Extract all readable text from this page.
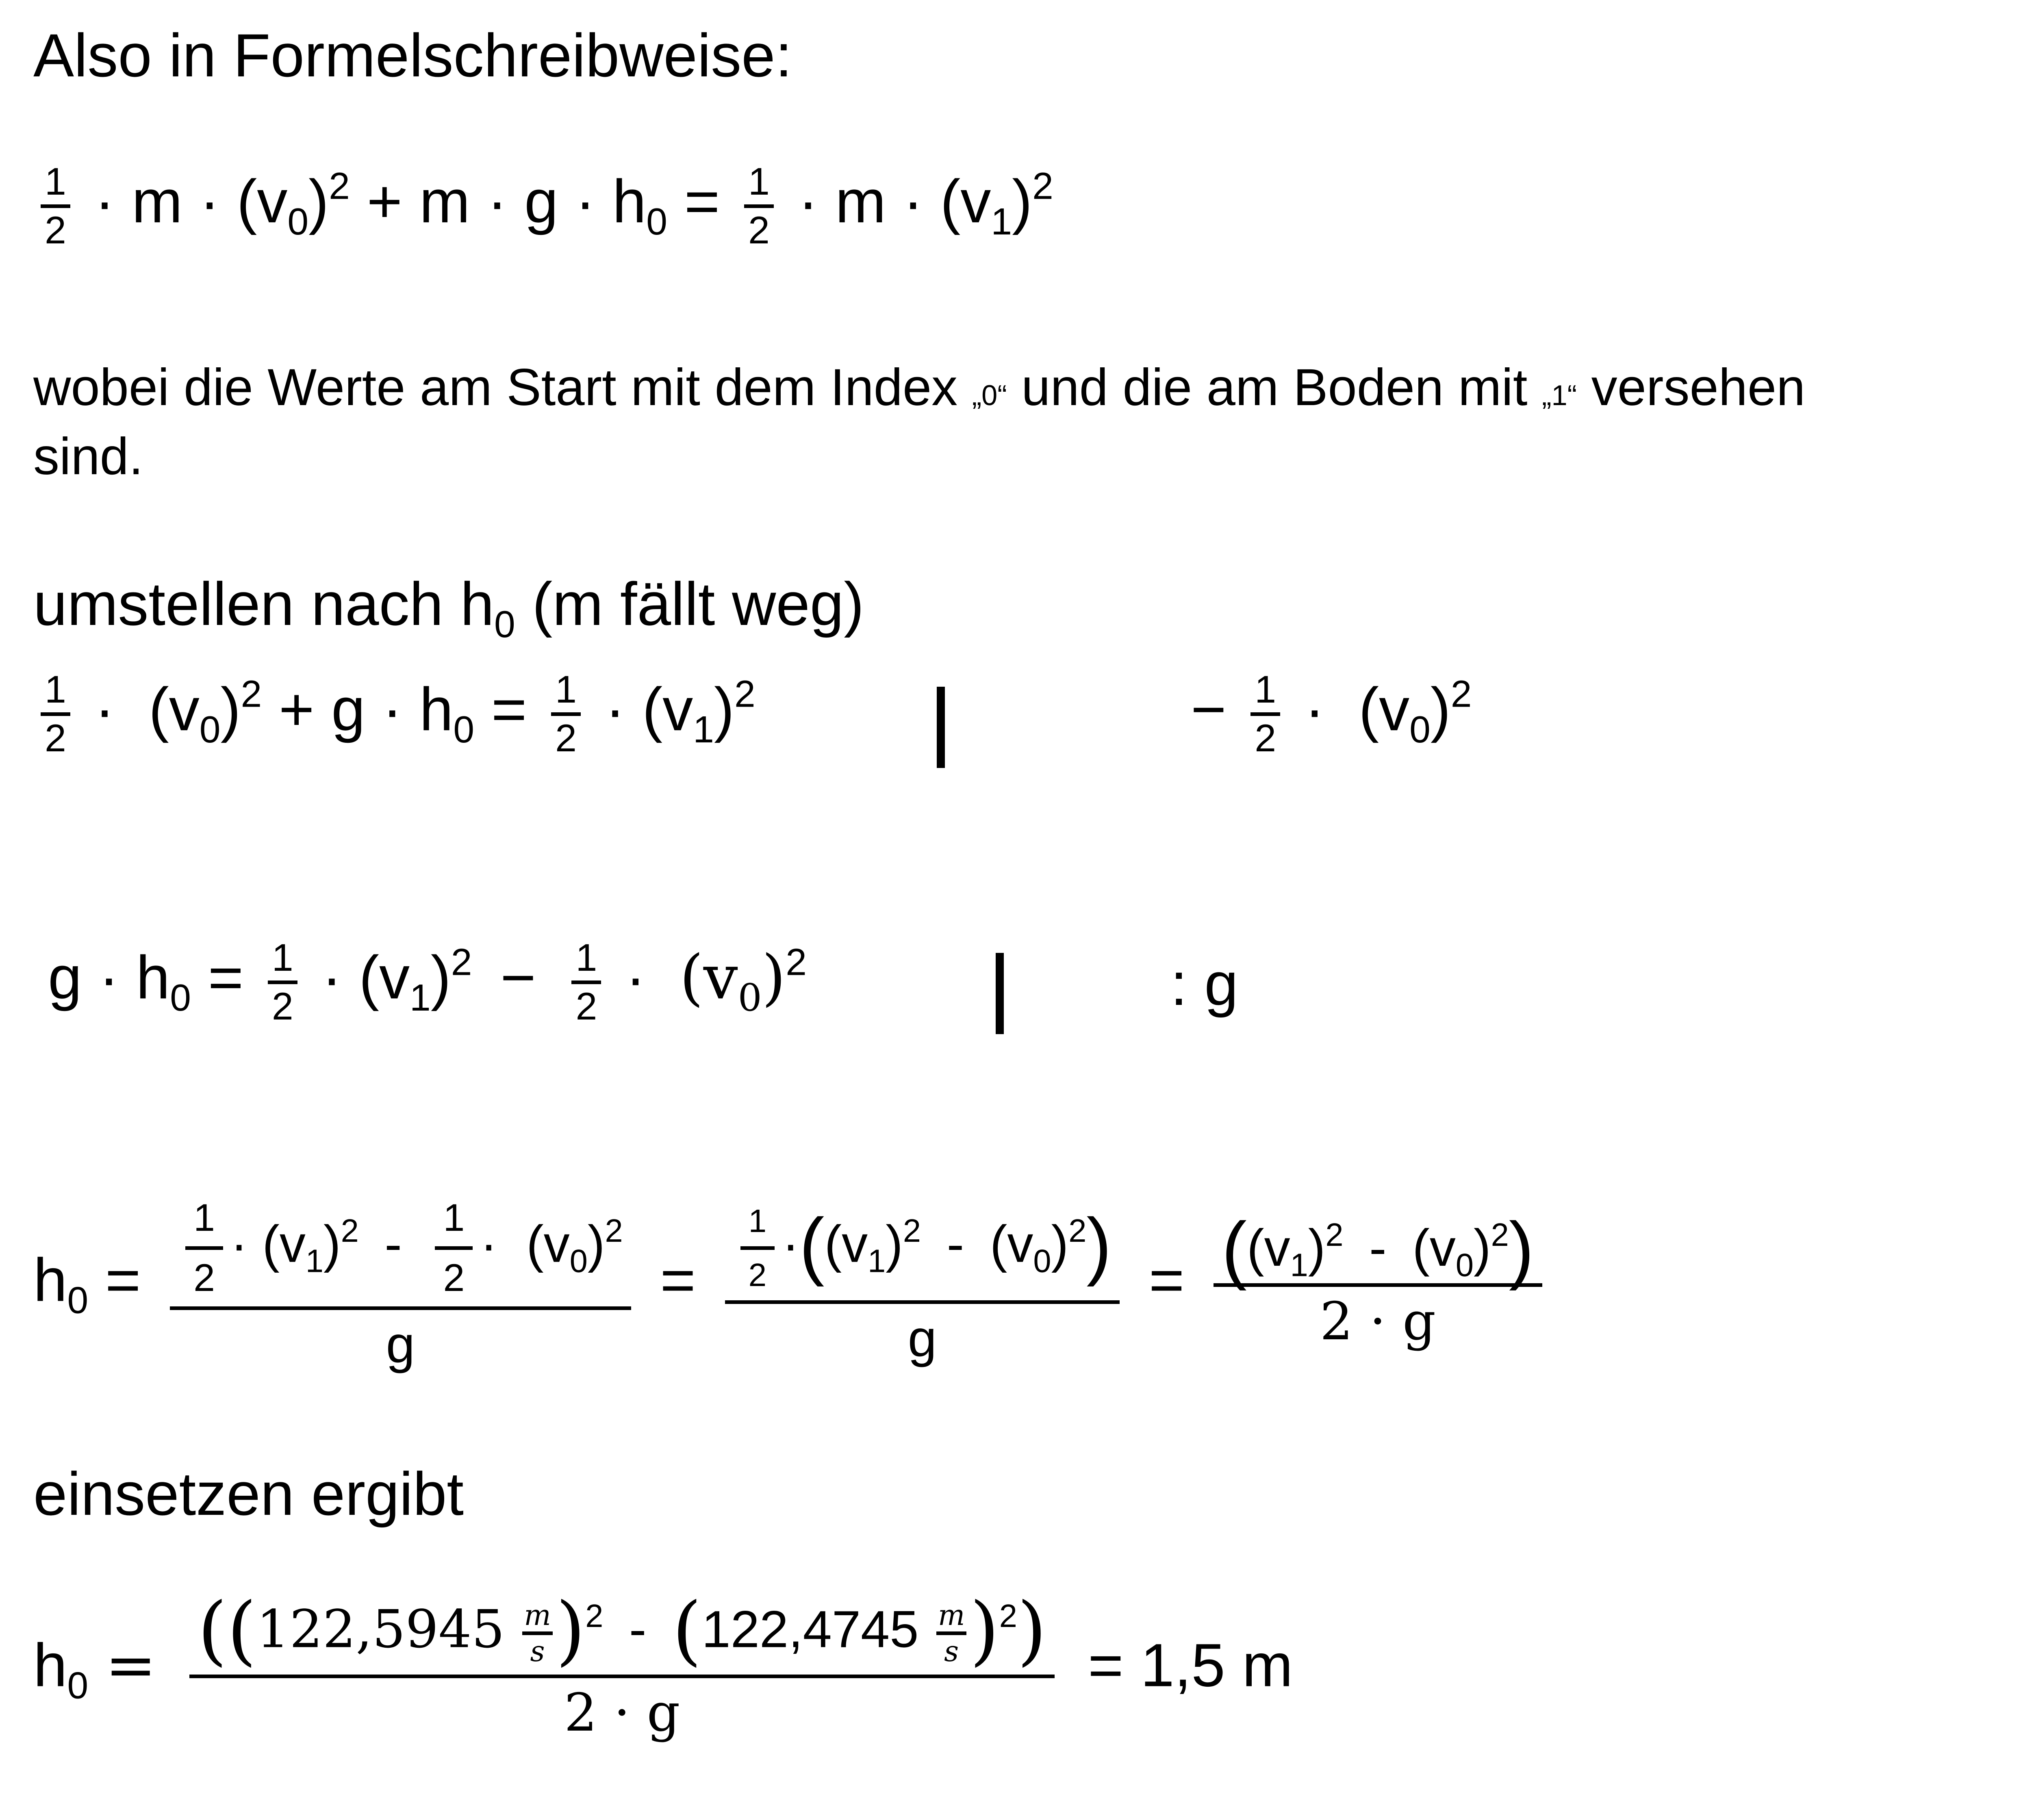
Also in Formelschreibweise:
$\frac{1}{2} \cdot m \cdot (v_0)^2 + m \cdot g \cdot h_0 = \frac{1}{2} \cdot m \cdot (v_1)^2$
wobei die Werte am Start mit dem Index „0“ und die am Boden mit „1“ versehen
sind.
umstellen nach $h_0$ (m fällt weg)
$\frac{1}{2} \cdot (v_0)^2 + g \cdot h_0 = \frac{1}{2} \cdot (v_1)^2$	− $\frac{1}{2} \cdot (v_0)^2$
$g \cdot h_0 = \frac{1}{2} \cdot (v_1)^2 - \frac{1}{2} \cdot (v_0)^2$	: g
$h_0 = \frac{\frac{1}{2} \cdot (v_1)^2 - \frac{1}{2} \cdot (v_0)^2}{g} = \frac{\frac{1}{2} \cdot((v_1)^2 - (v_0)^2)}{g} = \frac{((v_1)^2 - (v_0)^2)}{2 \cdot g}$
einsetzen ergibt
$h_0 = ((122,5945 \frac{m}{s} )^2 - (122,4745 \frac{m}{s} )^2)$
2 · g
= 1,5 m
